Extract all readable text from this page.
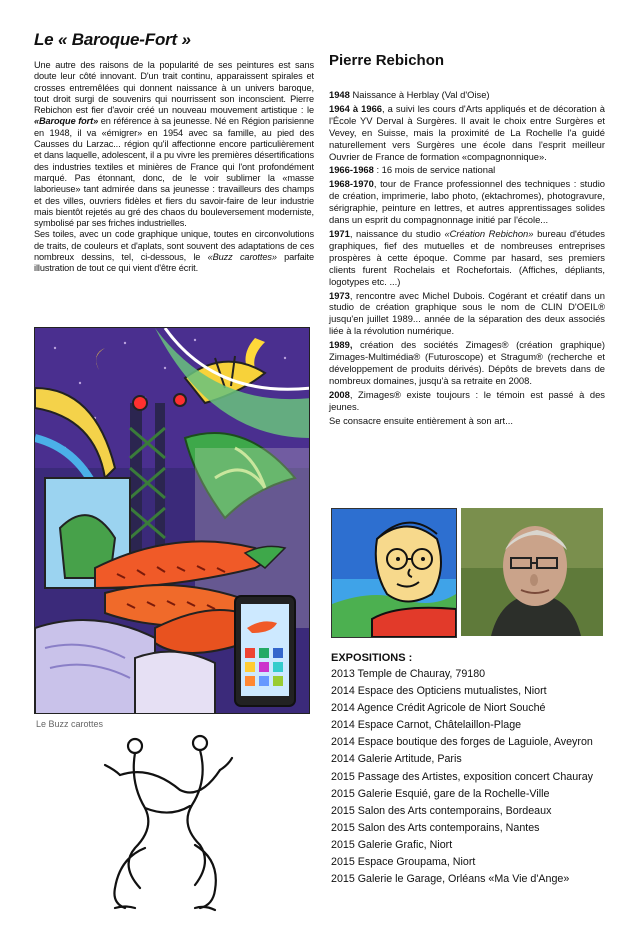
Le « Baroque-Fort »

Une autre des raisons de la popularité de ses peintures est sans doute leur côté innovant. D'un trait continu, apparaissent spirales et crosses entremêlées qui donnent naissance à un univers baroque, tout droit surgi de souvenirs qui nourrissent son inconscient. Pierre Rebichon est fier d'avoir créé un nouveau mouvement artistique : le «Baroque fort» en référence à sa jeunesse. Né en Région parisienne en 1948, il va «émigrer» en 1954 avec sa famille, au pied des Causses du Larzac... région qu'il affectionne encore particulièrement et dans laquelle, adolescent, il a pu vivre les premières désertifications des industries textiles et minières de France qui l'ont profondément marqué. Pas étonnant, donc, de le voir sublimer la «masse laborieuse» tant admirée dans sa jeunesse : travailleurs des champs et des villes, ouvriers fidèles et fiers du savoir-faire de leur industrie mais bientôt rejetés au gré des chaos du bouleversement moderniste, symbolisé par ses friches industrielles.

Ses toiles, avec un code graphique unique, toutes en circonvolutions de traits, de couleurs et d'aplats, sont souvent des adaptations de ces nombreux dessins, tel, ci-dessous, le «Buzz carottes» parfaite illustration de tout ce qui vient d'être écrit.

Le Buzz carottes
Pierre Rebichon

1948 Naissance à Herblay (Val d'Oise)

1964 à 1966, a suivi les cours d'Arts appliqués et de décoration à l'École YV Derval à Surgères. Il avait le choix entre Surgères et Vevey, en Suisse, mais la proximité de La Rochelle l'a guidé naturellement vers Surgères une école dans l'esprit meilleur Ouvrier de France de formation «compagnonnique».

1966-1968 : 16 mois de service national

1968-1970, tour de France professionnel des techniques : studio de création, imprimerie, labo photo, (ektachromes), photogravure, sérigraphie, peinture en lettres, et autres apprentissages solides dans un esprit du compagnonnage initié par l'école...

1971, naissance du studio «Création Rebichon» bureau d'études graphiques, fief des mutuelles et de nombreuses entreprises prospères à cette époque. Comme par hasard, ses premiers clients furent Rochelais et Rochefortais. (Affiches, dépliants, logotypes etc. ...)

1973, rencontre avec Michel Dubois. Cogérant et créatif dans un studio de création graphique sous le nom de CLIN D'OEIL® jusqu'en juillet 1989... année de la séparation des deux associés liée à la révolution numérique.

1989, création des sociétés Zimages® (création graphique) Zimages-Multimédia® (Futuroscope) et Stragum® (recherche et développement de produits dérivés). Dépôts de brevets dans de nombreux domaines, jusqu'à sa retraite en 2008.

2008, Zimages® existe toujours : le témoin est passé à des jeunes.

Se consacre ensuite entièrement à son art...

EXPOSITIONS :
2013 Temple de Chauray, 79180
2014 Espace des Opticiens mutualistes, Niort
2014 Agence Crédit Agricole de Niort Souché
2014 Espace Carnot, Châtelaillon-Plage
2014 Espace boutique des forges de Laguiole, Aveyron
2014 Galerie Artitude, Paris
2015 Passage des Artistes, exposition concert Chauray
2015 Galerie Esquié, gare de la Rochelle-Ville
2015 Salon des Arts contemporains, Bordeaux
2015 Salon des Arts contemporains, Nantes
2015 Galerie Grafic, Niort
2015 Espace Groupama, Niort
2015 Galerie le Garage, Orléans «Ma Vie d'Ange»
